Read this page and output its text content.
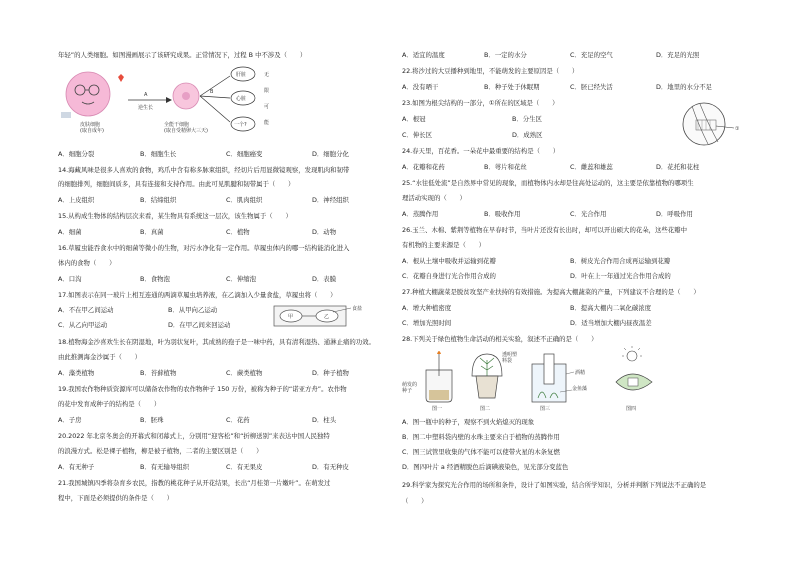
年轻”的人类细胞。如图漫画展示了该研究成果。正常情况下，过程 B 中不涉及（　　）
皮肤细胞(取自成年)
A
逆生长
全能干细胞(取自受精卵大三天)
B
肝脏
心脏
一个?
无
限
可
能
A．细胞分裂	B．细胞生长	C．细胞癌变	D．细胞分化
14.海藏风味是很多人喜欢的食物，鸡爪中含有称多脉束组织，经切片后用显微镜观察，发现肌肉和韧带
的细胞排列，细胞间质多，具有连接和支持作用。由此可见肌腱和韧带属于（　　）
A．上皮组织	B．结缔组织	C．肌肉组织	D．神经组织
15.从构成生物体的结构层次来看，某生物具有系统这一层次，该生物属于（　　）
A．细菌	B．真菌	C．植物	D．动物
16.草履虫能吞食水中的细菌等微小的生物，对污水净化有一定作用。草履虫体内的哪一结构能消化进入
体内的食物（　　）
A．口沟	B．食物泡	C．伸缩泡	D．表膜
17.如图表示在同一玻片上相互连通的两滴草履虫培养液，在乙滴加入少量食盐，草履虫将（　　）
甲	乙
食盐
A．不在甲乙间运动	B．从甲向乙运动
C．从乙向甲运动	D．在甲乙间来回运动
18.植物海金沙喜欢生长在阴湿地，叶为羽状复叶，其成熟的孢子是一味中药，具有清利湿热、通淋止痛的功效。
由此推测海金沙属于（　　）
A．藻类植物	B．苔藓植物	C．蕨类植物	D．种子植物
19.我国农作物种质资源库可以储备农作物的农作物种子 150 万份，被称为种子的“诺亚方舟”。农作物
的花中发育成种子的结构是（　　）
A．子房	B．胚珠	C．花药	D．柱头
20.2022 年北京冬奥会的开幕式和闭幕式上，分别用“迎客松”和“折柳送别”来表达中国人民独特
的浪漫方式。松是裸子植物，柳是被子植物，二者的主要区别是（　　）
A．有无种子	B．有无输导组织	C．有无果皮	D．有无种皮
21.我国城镇四季将杂育乡农民，指教的桃花种子从开花结果，长出“月桂第一片嫩叶”。在萌发过
程中，下面是必须提供的条件是（　　）
A．适宜的温度	B．一定的水分	C．充足的空气	D．充足的光照
22.将沙过的大豆播种到地里，不能萌发的主要原因是（　　）
A．没有晒干	B．种子处于休眠期	C．胚已经失活	D．地里的水分不足
23.如图为根尖结构的一部分，①所在的区域是（　　）
①
A．根冠	B．分生区
C．伸长区	D．成熟区
24.春天里，百花香。一朵花中最重要的结构是（　　）
A．花瓣和花药	B．萼片和花丝	C．雌蕊和雄蕊	D．花托和花柱
25.“水往低处流”是自然界中常见的现象，而植物体内水却是往高处运动的，这主要是依靠植物的哪项生
理活动实现的（　　）
A．蒸腾作用	B．吸收作用	C．光合作用	D．呼吸作用
26.玉兰、木棉、紫荆等植物在早春时节，当叶片还没有长出时，却可以开出硕大的花朵，这些花瓣中
有机物的主要来源是（　　）
A．根从土壤中吸收并运输到花瓣	B．树皮光合作用合成再运输到花瓣
C．花瓣自身进行光合作用合成的	D．叶在上一年通过光合作用合成的
27.种植大棚蔬菜是脱贫攻坚产业扶持的有效措施。为提高大棚蔬菜的产量，下列建议不合理的是（　　）
A．增大种植密度	B．提高大棚内二氧化碳浓度
C．增加光照时间	D．适当增加大棚内昼夜温差
28.下列关于绿色植物生命活动的相关实验，叙述不正确的是（　　）
萌发的种子
图一
透明塑料袋
图二
酒精
金鱼藻
图三	图四
A．图一瓶中的种子，观察不到火焰熄灭的现象
B．图二中塑料袋内壁的水珠主要来自于植物的蒸腾作用
C．图三试管里收集的气体不能可以使带火星的木条复燃
D．图四叶片 a 经酒精脱色后滴碘液染色，见光部分变蓝色
29.科学家为探究光合作用的场所和条件，设计了如图实验，结合所学知识，分析并判断下列说法不正确的是
（　　）
